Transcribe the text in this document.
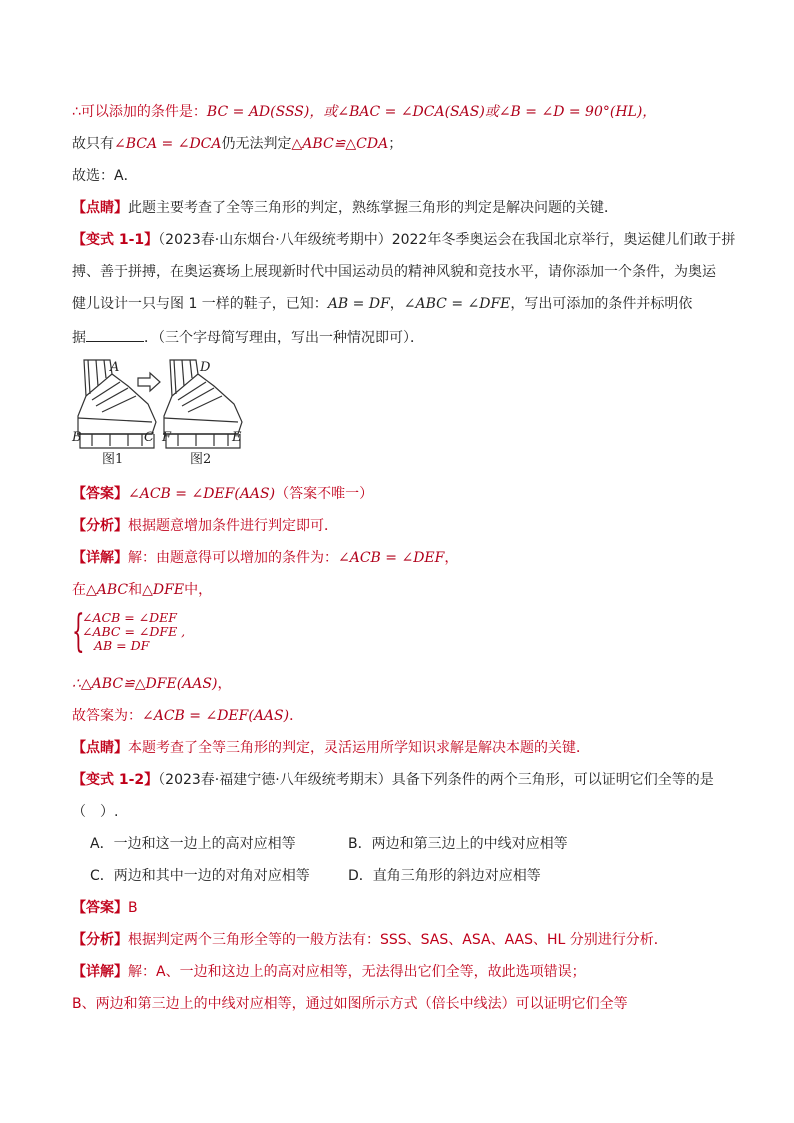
∴可以添加的条件是：BC = AD(SSS)，或∠BAC = ∠DCA(SAS)或∠B = ∠D = 90°(HL)，
故只有∠BCA = ∠DCA仍无法判定△ABC≌△CDA；
故选：A．
【点睛】此题主要考查了全等三角形的判定，熟练掌握三角形的判定是解决问题的关键．
【变式 1-1】（2023春·山东烟台·八年级统考期中）2022年冬季奥运会在我国北京举行，奥运健儿们敢于拼
搏、善于拼搏，在奥运赛场上展现新时代中国运动员的精神风貌和竞技水平，请你添加一个条件，为奥运
健儿设计一只与图 1 一样的鞋子，已知：AB = DF，∠ABC = ∠DFE，写出可添加的条件并标明依
据	．（三个字母简写理由，写出一种情况即可）．
A
B	C
D
F	E
图1	图2
【答案】∠ACB = ∠DEF(AAS)（答案不唯一）
【分析】根据题意增加条件进行判定即可．
【详解】解：由题意得可以增加的条件为：∠ACB = ∠DEF，
在△ABC和△DFE中，
{
∠ACB = ∠DEF
∠ABC = ∠DFE ,
AB = DF
∴△ABC≌△DFE(AAS)，
故答案为：∠ACB = ∠DEF(AAS)．
【点睛】本题考查了全等三角形的判定，灵活运用所学知识求解是解决本题的关键．
【变式 1-2】（2023春·福建宁德·八年级统考期末）具备下列条件的两个三角形，可以证明它们全等的是
（　）.
A．一边和这一边上的高对应相等	B．两边和第三边上的中线对应相等
C．两边和其中一边的对角对应相等	D．直角三角形的斜边对应相等
【答案】B
【分析】根据判定两个三角形全等的一般方法有：SSS、SAS、ASA、AAS、HL 分别进行分析．
【详解】解：A、一边和这边上的高对应相等，无法得出它们全等，故此选项错误；
B、两边和第三边上的中线对应相等，通过如图所示方式（倍长中线法）可以证明它们全等
